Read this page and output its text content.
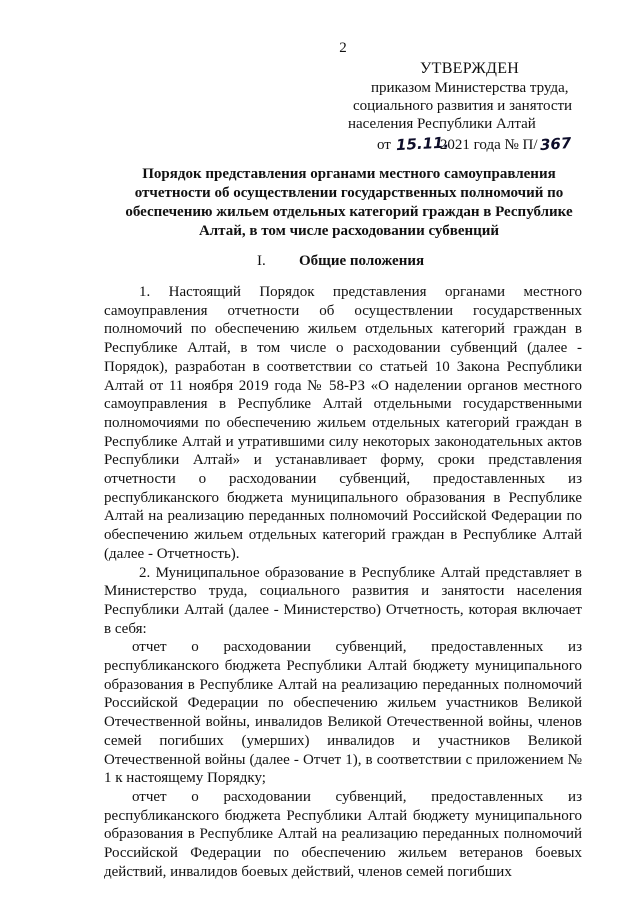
2
УТВЕРЖДЕН
приказом Министерства труда,
социального развития и занятости
населения Республики Алтай
от 15.11.2021 года № П/367
Порядок представления органами местного самоуправления отчетности об осуществлении государственных полномочий по обеспечению жильем отдельных категорий граждан в Республике Алтай, в том числе расходовании субвенций
I. Общие положения

1. Настоящий Порядок представления органами местного самоуправления отчетности об осуществлении государственных полномочий по обеспечению жильем отдельных категорий граждан в Республике Алтай, в том числе о расходовании субвенций (далее - Порядок), разработан в соответствии со статьей 10 Закона Республики Алтай от 11 ноября 2019 года № 58-РЗ «О наделении органов местного самоуправления в Республике Алтай отдельными государственными полномочиями по обеспечению жильем отдельных категорий граждан в Республике Алтай и утратившими силу некоторых законодательных актов Республики Алтай» и устанавливает форму, сроки представления отчетности о расходовании субвенций, предоставленных из республиканского бюджета муниципального образования в Республике Алтай на реализацию переданных полномочий Российской Федерации по обеспечению жильем отдельных категорий граждан в Республике Алтай (далее - Отчетность).

2. Муниципальное образование в Республике Алтай представляет в Министерство труда, социального развития и занятости населения Республики Алтай (далее - Министерство) Отчетность, которая включает в себя:

отчет о расходовании субвенций, предоставленных из республиканского бюджета Республики Алтай бюджету муниципального образования в Республике Алтай на реализацию переданных полномочий Российской Федерации по обеспечению жильем участников Великой Отечественной войны, инвалидов Великой Отечественной войны, членов семей погибших (умерших) инвалидов и участников Великой Отечественной войны (далее - Отчет 1), в соответствии с приложением № 1 к настоящему Порядку;

отчет о расходовании субвенций, предоставленных из республиканского бюджета Республики Алтай бюджету муниципального образования в Республике Алтай на реализацию переданных полномочий Российской Федерации по обеспечению жильем ветеранов боевых действий, инвалидов боевых действий, членов семей погибших
